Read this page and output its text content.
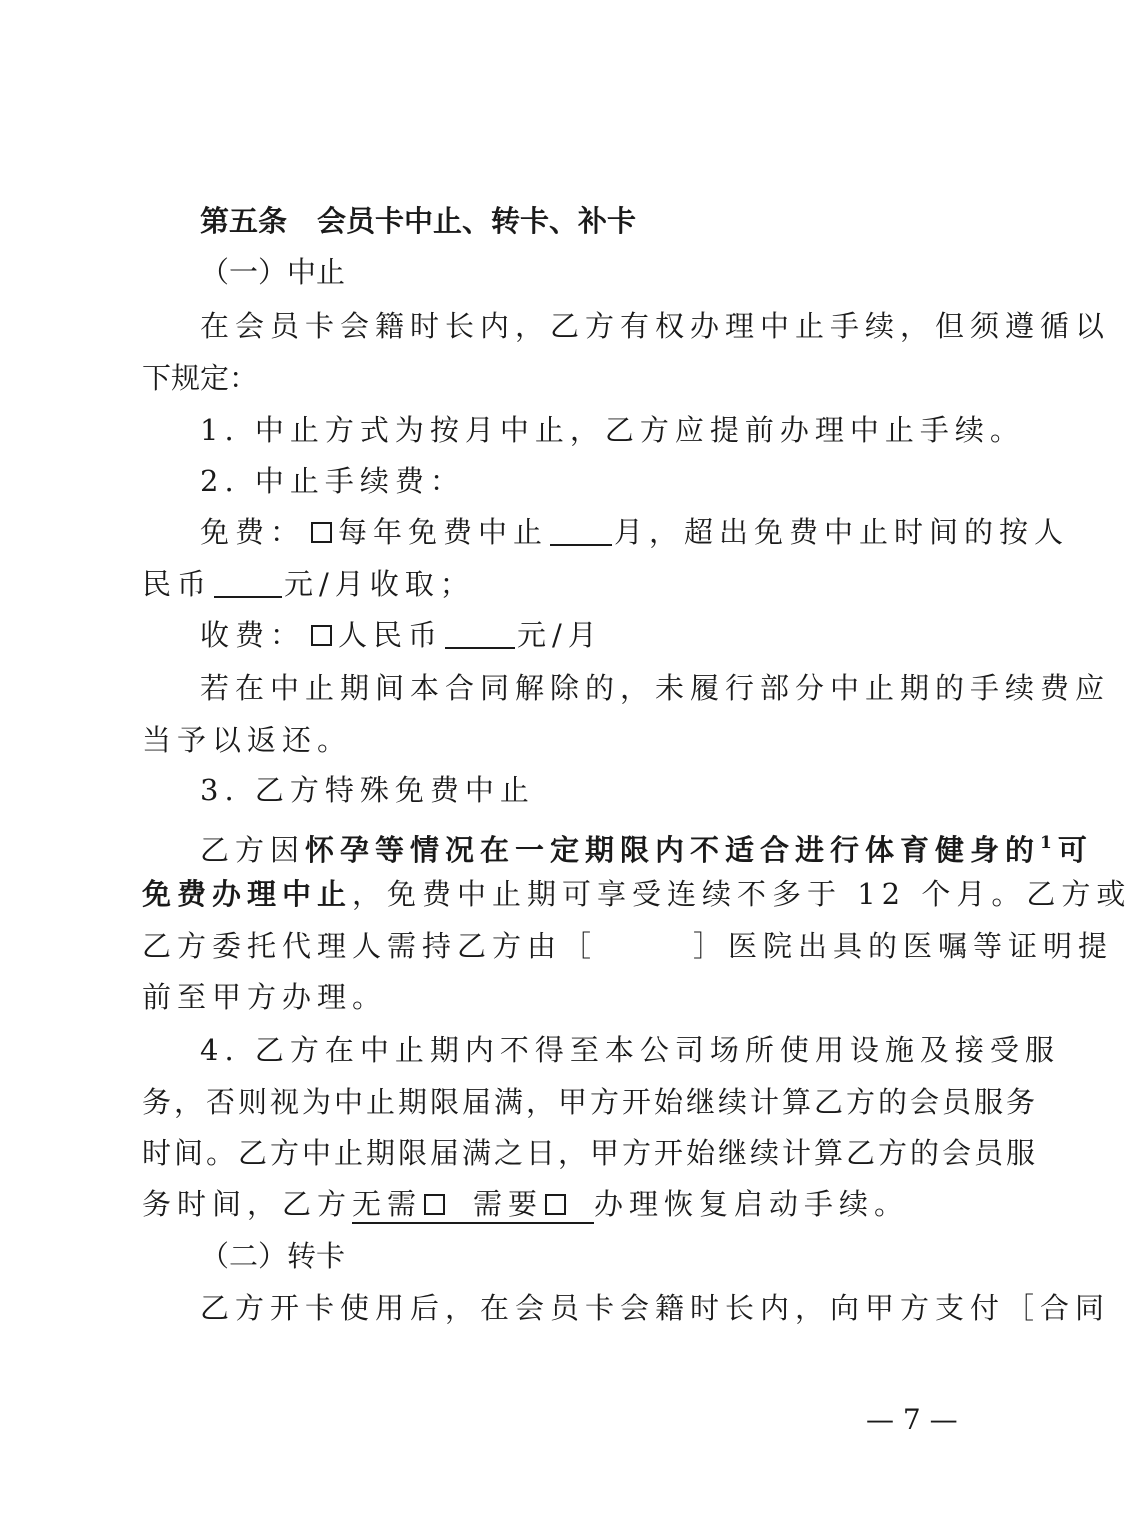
第五条 会员卡中止、转卡、补卡
（一）中止
在会员卡会籍时长内，乙方有权办理中止手续，但须遵循以
下规定：
1. 中止方式为按月中止，乙方应提前办理中止手续。
2. 中止手续费：
免费： 每年免费中止 月，超出免费中止时间的按人
民币 元/月收取；
收费： 人民币	元/月
若在中止期间本合同解除的，未履行部分中止期的手续费应
当予以返还。
3. 乙方特殊免费中止
乙方因怀孕等情况在一定期限内不适合进行体育健身的$^1$可
免费办理中止，免费中止期可享受连续不多于 12 个月。乙方或
乙方委托代理人需持乙方由［	］医院出具的医嘱等证明提
前至甲方办理。
4. 乙方在中止期内不得至本公司场所使用设施及接受服
务，否则视为中止期限届满，甲方开始继续计算乙方的会员服务
时间。乙方中止期限届满之日，甲方开始继续计算乙方的会员服
务时间，乙方无需 需要 办理恢复启动手续。
（二）转卡
乙方开卡使用后，在会员卡会籍时长内，向甲方支付［合同
— 7 —
